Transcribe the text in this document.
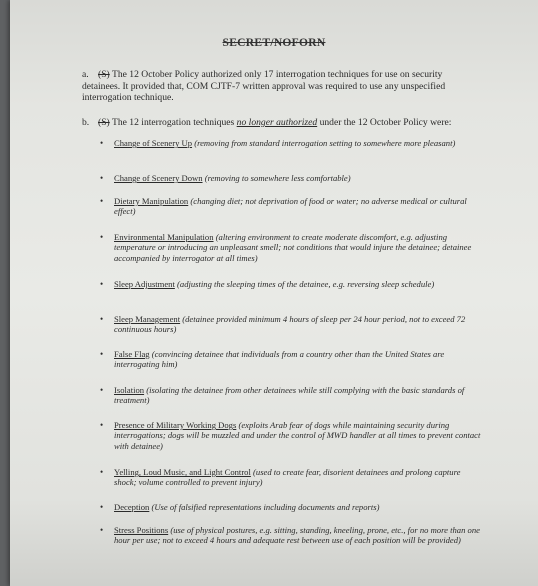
SECRET/NOFORN
a. (S) The 12 October Policy authorized only 17 interrogation techniques for use on security detainees. It provided that, COM CJTF-7 written approval was required to use any unspecified interrogation technique.
b. (S) The 12 interrogation techniques no longer authorized under the 12 October Policy were:
• Change of Scenery Up (removing from standard interrogation setting to somewhere more pleasant)
• Change of Scenery Down (removing to somewhere less comfortable)
• Dietary Manipulation (changing diet; not deprivation of food or water; no adverse medical or cultural effect)
• Environmental Manipulation (altering environment to create moderate discomfort, e.g. adjusting temperature or introducing an unpleasant smell; not conditions that would injure the detainee; detainee accompanied by interrogator at all times)
• Sleep Adjustment (adjusting the sleeping times of the detainee, e.g. reversing sleep schedule)
• Sleep Management (detainee provided minimum 4 hours of sleep per 24 hour period, not to exceed 72 continuous hours)
• False Flag (convincing detainee that individuals from a country other than the United States are interrogating him)
• Isolation (isolating the detainee from other detainees while still complying with the basic standards of treatment)
• Presence of Military Working Dogs (exploits Arab fear of dogs while maintaining security during interrogations; dogs will be muzzled and under the control of MWD handler at all times to prevent contact with detainee)
• Yelling, Loud Music, and Light Control (used to create fear, disorient detainees and prolong capture shock; volume controlled to prevent injury)
• Deception (Use of falsified representations including documents and reports)
• Stress Positions (use of physical postures, e.g. sitting, standing, kneeling, prone, etc., for no more than one hour per use; not to exceed 4 hours and adequate rest between use of each position will be provided)
